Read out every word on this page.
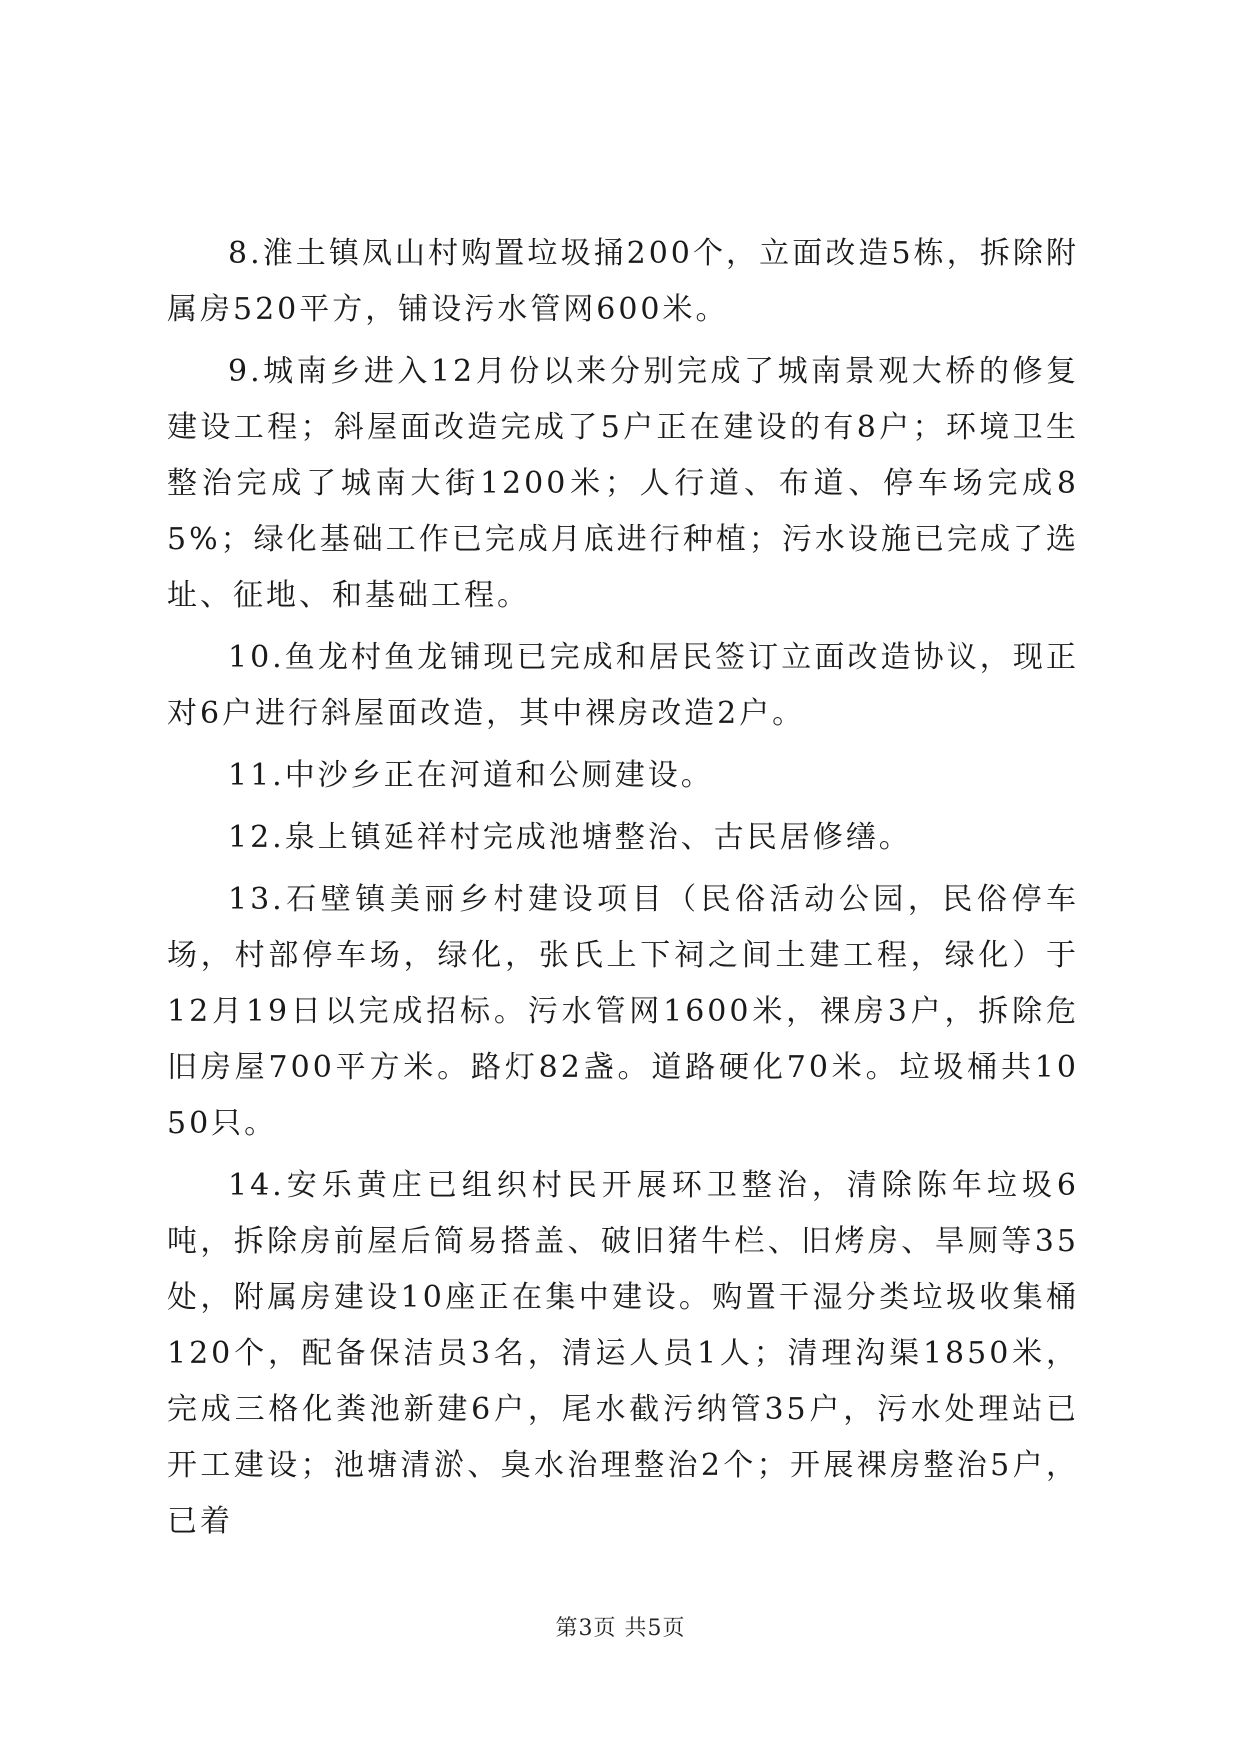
8.淮土镇凤山村购置垃圾捅200个，立面改造5栋，拆除附属房520平方，铺设污水管网600米。

9.城南乡进入12月份以来分别完成了城南景观大桥的修复建设工程；斜屋面改造完成了5户正在建设的有8户；环境卫生整治完成了城南大街1200米；人行道、布道、停车场完成85%；绿化基础工作已完成月底进行种植；污水设施已完成了选址、征地、和基础工程。

10.鱼龙村鱼龙铺现已完成和居民签订立面改造协议，现正对6户进行斜屋面改造，其中裸房改造2户。

11.中沙乡正在河道和公厕建设。

12.泉上镇延祥村完成池塘整治、古民居修缮。

13.石壁镇美丽乡村建设项目（民俗活动公园，民俗停车场，村部停车场，绿化，张氏上下祠之间土建工程，绿化）于12月19日以完成招标。污水管网1600米，裸房3户，拆除危旧房屋700平方米。路灯82盏。道路硬化70米。垃圾桶共1050只。

14.安乐黄庄已组织村民开展环卫整治，清除陈年垃圾6吨，拆除房前屋后简易搭盖、破旧猪牛栏、旧烤房、旱厕等35处，附属房建设10座正在集中建设。购置干湿分类垃圾收集桶120个，配备保洁员3名，清运人员1人；清理沟渠1850米，完成三格化粪池新建6户，尾水截污纳管35户，污水处理站已开工建设；池塘清淤、臭水治理整治2个；开展裸房整治5户，已着

第3页 共5页
